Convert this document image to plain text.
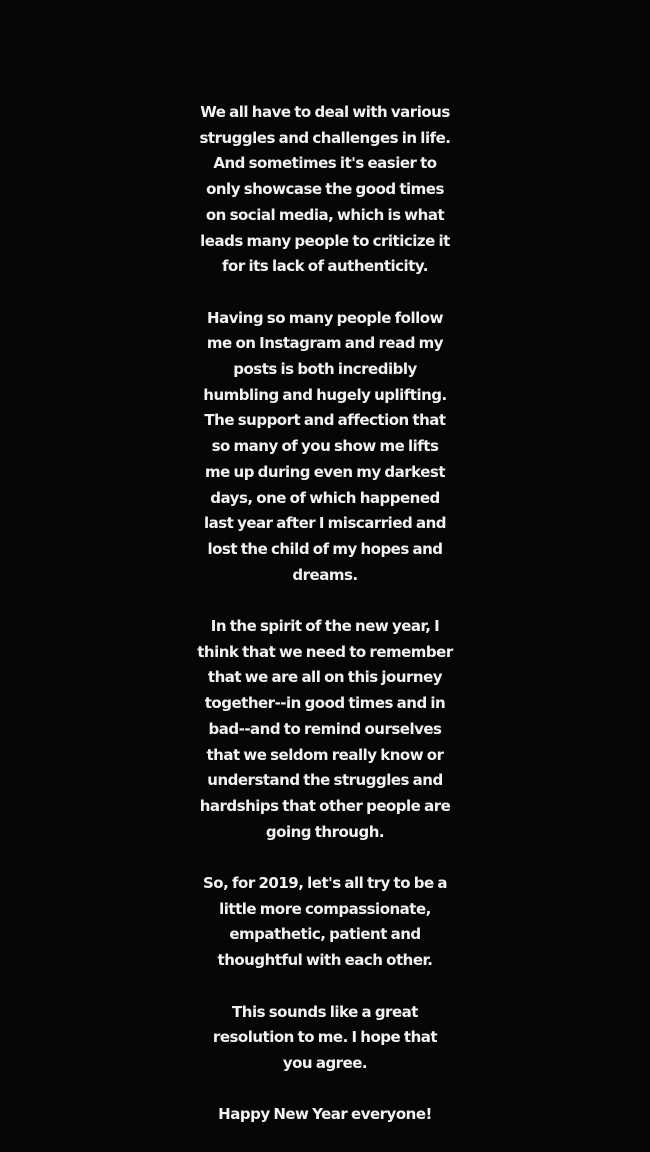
We all have to deal with various
struggles and challenges in life.
And sometimes it's easier to
only showcase the good times
on social media, which is what
leads many people to criticize it
for its lack of authenticity.

Having so many people follow
me on Instagram and read my
posts is both incredibly
humbling and hugely uplifting.
The support and affection that
so many of you show me lifts
me up during even my darkest
days, one of which happened
last year after I miscarried and
lost the child of my hopes and
dreams.

In the spirit of the new year, I
think that we need to remember
that we are all on this journey
together--in good times and in
bad--and to remind ourselves
that we seldom really know or
understand the struggles and
hardships that other people are
going through.

So, for 2019, let's all try to be a
little more compassionate,
empathetic, patient and
thoughtful with each other.

This sounds like a great
resolution to me. I hope that
you agree.

Happy New Year everyone!
